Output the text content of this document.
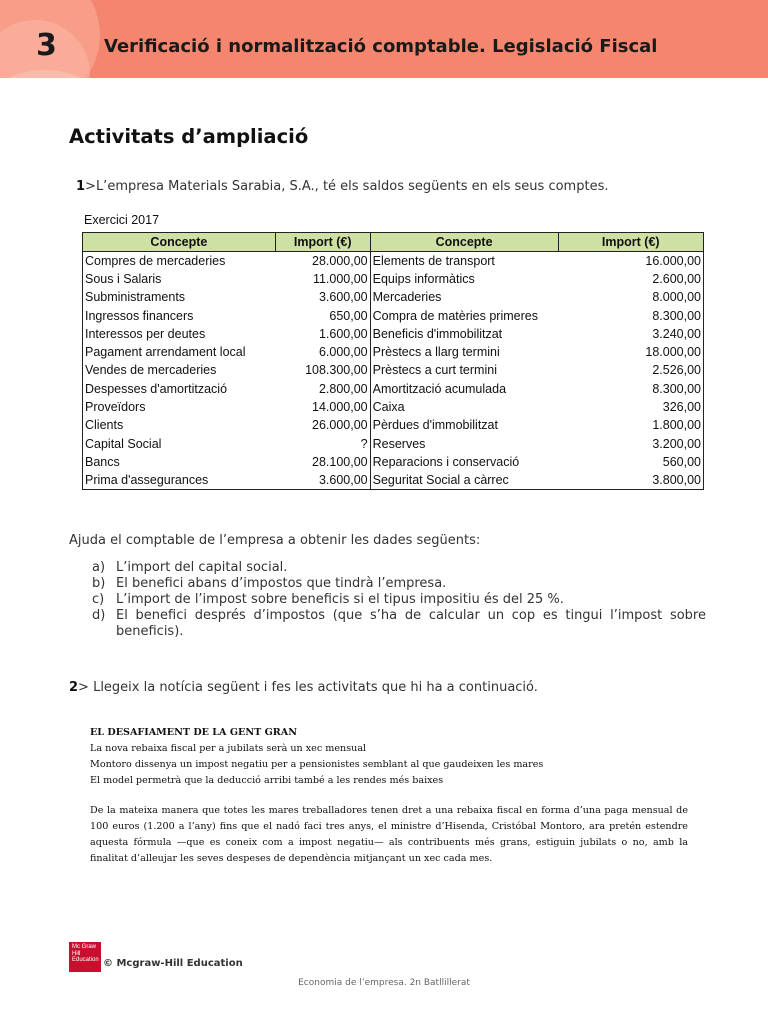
3	Verificació i normalització comptable. Legislació Fiscal
Activitats d’ampliació
1>L’empresa Materials Sarabia, S.A., té els saldos següents en els seus comptes.
Exercici 2017
Concepte	Import (€)	Concepte	Import (€)
Compres de mercaderies	28.000,00	Elements de transport	16.000,00
Sous i Salaris	11.000,00	Equips informàtics	2.600,00
Subministraments	3.600,00	Mercaderies	8.000,00
Ingressos financers	650,00	Compra de matèries primeres	8.300,00
Interessos per deutes	1.600,00	Beneficis d'immobilitzat	3.240,00
Pagament arrendament local	6.000,00	Prèstecs a llarg termini	18.000,00
Vendes de mercaderies	108.300,00	Prèstecs a curt termini	2.526,00
Despesses d'amortització	2.800,00	Amortització acumulada	8.300,00
Proveïdors	14.000,00	Caixa	326,00
Clients	26.000,00	Pèrdues d'immobilitzat	1.800,00
Capital Social	?	Reserves	3.200,00
Bancs	28.100,00	Reparacions i conservació	560,00
Prima d'assegurances	3.600,00	Seguritat Social a càrrec	3.800,00
Ajuda el comptable de l’empresa a obtenir les dades següents:
a) L’import del capital social.
b) El benefici abans d’impostos que tindrà l’empresa.
c) L’import de l’impost sobre beneficis si el tipus impositiu és del 25 %.
d) El benefici després d’impostos (que s’ha de calcular un cop es tingui l’impost sobre beneficis).
2> Llegeix la notícia següent i fes les activitats que hi ha a continuació.
EL DESAFIAMENT DE LA GENT GRAN
La nova rebaixa fiscal per a jubilats serà un xec mensual
Montoro dissenya un impost negatiu per a pensionistes semblant al que gaudeixen les mares
El model permetrà que la deducció arribi també a les rendes més baixes
De la mateixa manera que totes les mares treballadores tenen dret a una rebaixa fiscal en forma d’una paga mensual de 100 euros (1.200 a l’any) fins que el nadó faci tres anys, el ministre d’Hisenda, Cristóbal Montoro, ara pretén estendre aquesta fórmula —que es coneix com a impost negatiu— als contribuents més grans, estiguin jubilats o no, amb la finalitat d’alleujar les seves despeses de dependència mitjançant un xec cada mes.
Mc Graw Hill Education © Mcgraw-Hill Education
Economia de l’empresa. 2n Batllillerat
